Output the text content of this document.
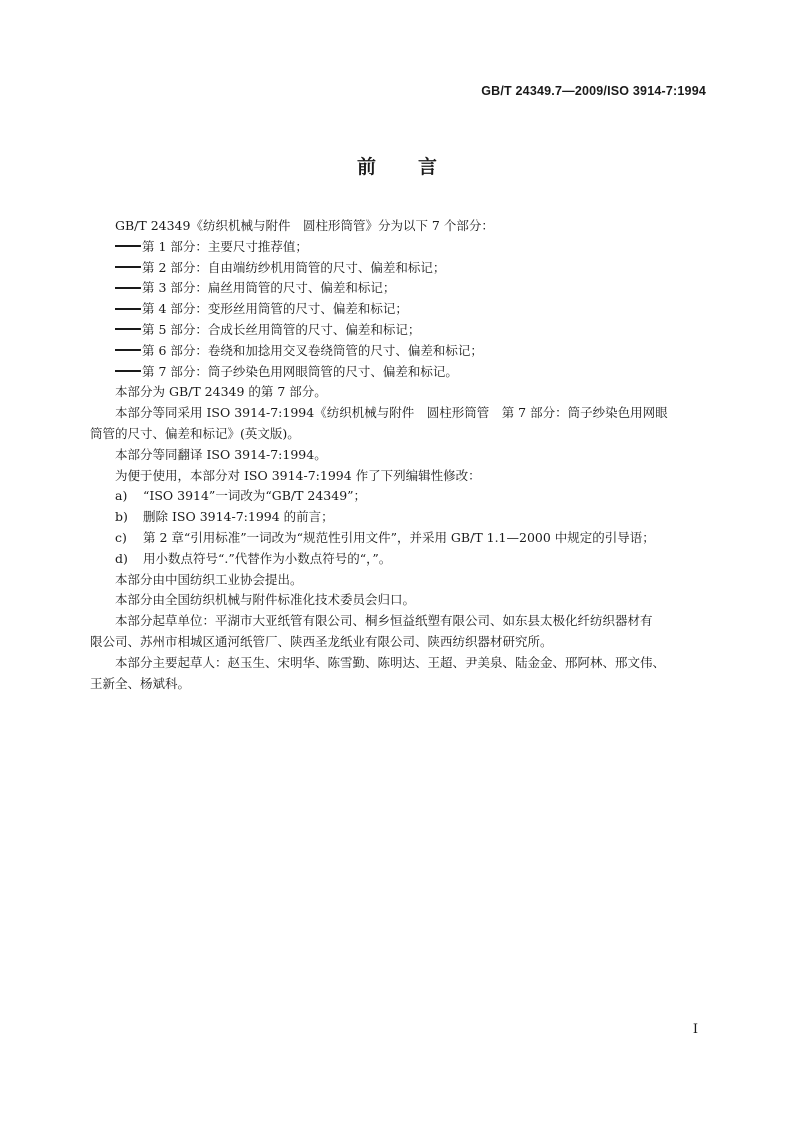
GB/T 24349.7—2009/ISO 3914-7:1994
前 言

GB/T 24349《纺织机械与附件　圆柱形筒管》分为以下 7 个部分：

第 1 部分：主要尺寸推荐值；

第 2 部分：自由端纺纱机用筒管的尺寸、偏差和标记；

第 3 部分：扁丝用筒管的尺寸、偏差和标记；

第 4 部分：变形丝用筒管的尺寸、偏差和标记；

第 5 部分：合成长丝用筒管的尺寸、偏差和标记；

第 6 部分：卷绕和加捻用交叉卷绕筒管的尺寸、偏差和标记；

第 7 部分：筒子纱染色用网眼筒管的尺寸、偏差和标记。

本部分为 GB/T 24349 的第 7 部分。

本部分等同采用 ISO 3914-7:1994《纺织机械与附件　圆柱形筒管　第 7 部分：筒子纱染色用网眼

筒管的尺寸、偏差和标记》(英文版)。

本部分等同翻译 ISO 3914-7:1994。

为便于使用，本部分对 ISO 3914-7:1994 作了下列编辑性修改：

a) “ISO 3914”一词改为“GB/T 24349”；

b) 删除 ISO 3914-7:1994 的前言；

c) 第 2 章“引用标准”一词改为“规范性引用文件”，并采用 GB/T 1.1—2000 中规定的引导语；

d) 用小数点符号“.”代替作为小数点符号的“，”。

本部分由中国纺织工业协会提出。

本部分由全国纺织机械与附件标准化技术委员会归口。

本部分起草单位：平湖市大亚纸管有限公司、桐乡恒益纸塑有限公司、如东县太极化纤纺织器材有

限公司、苏州市相城区通河纸管厂、陕西圣龙纸业有限公司、陕西纺织器材研究所。

本部分主要起草人：赵玉生、宋明华、陈雪勤、陈明达、王超、尹美泉、陆金金、邢阿林、邢文伟、

王新全、杨斌科。

I
